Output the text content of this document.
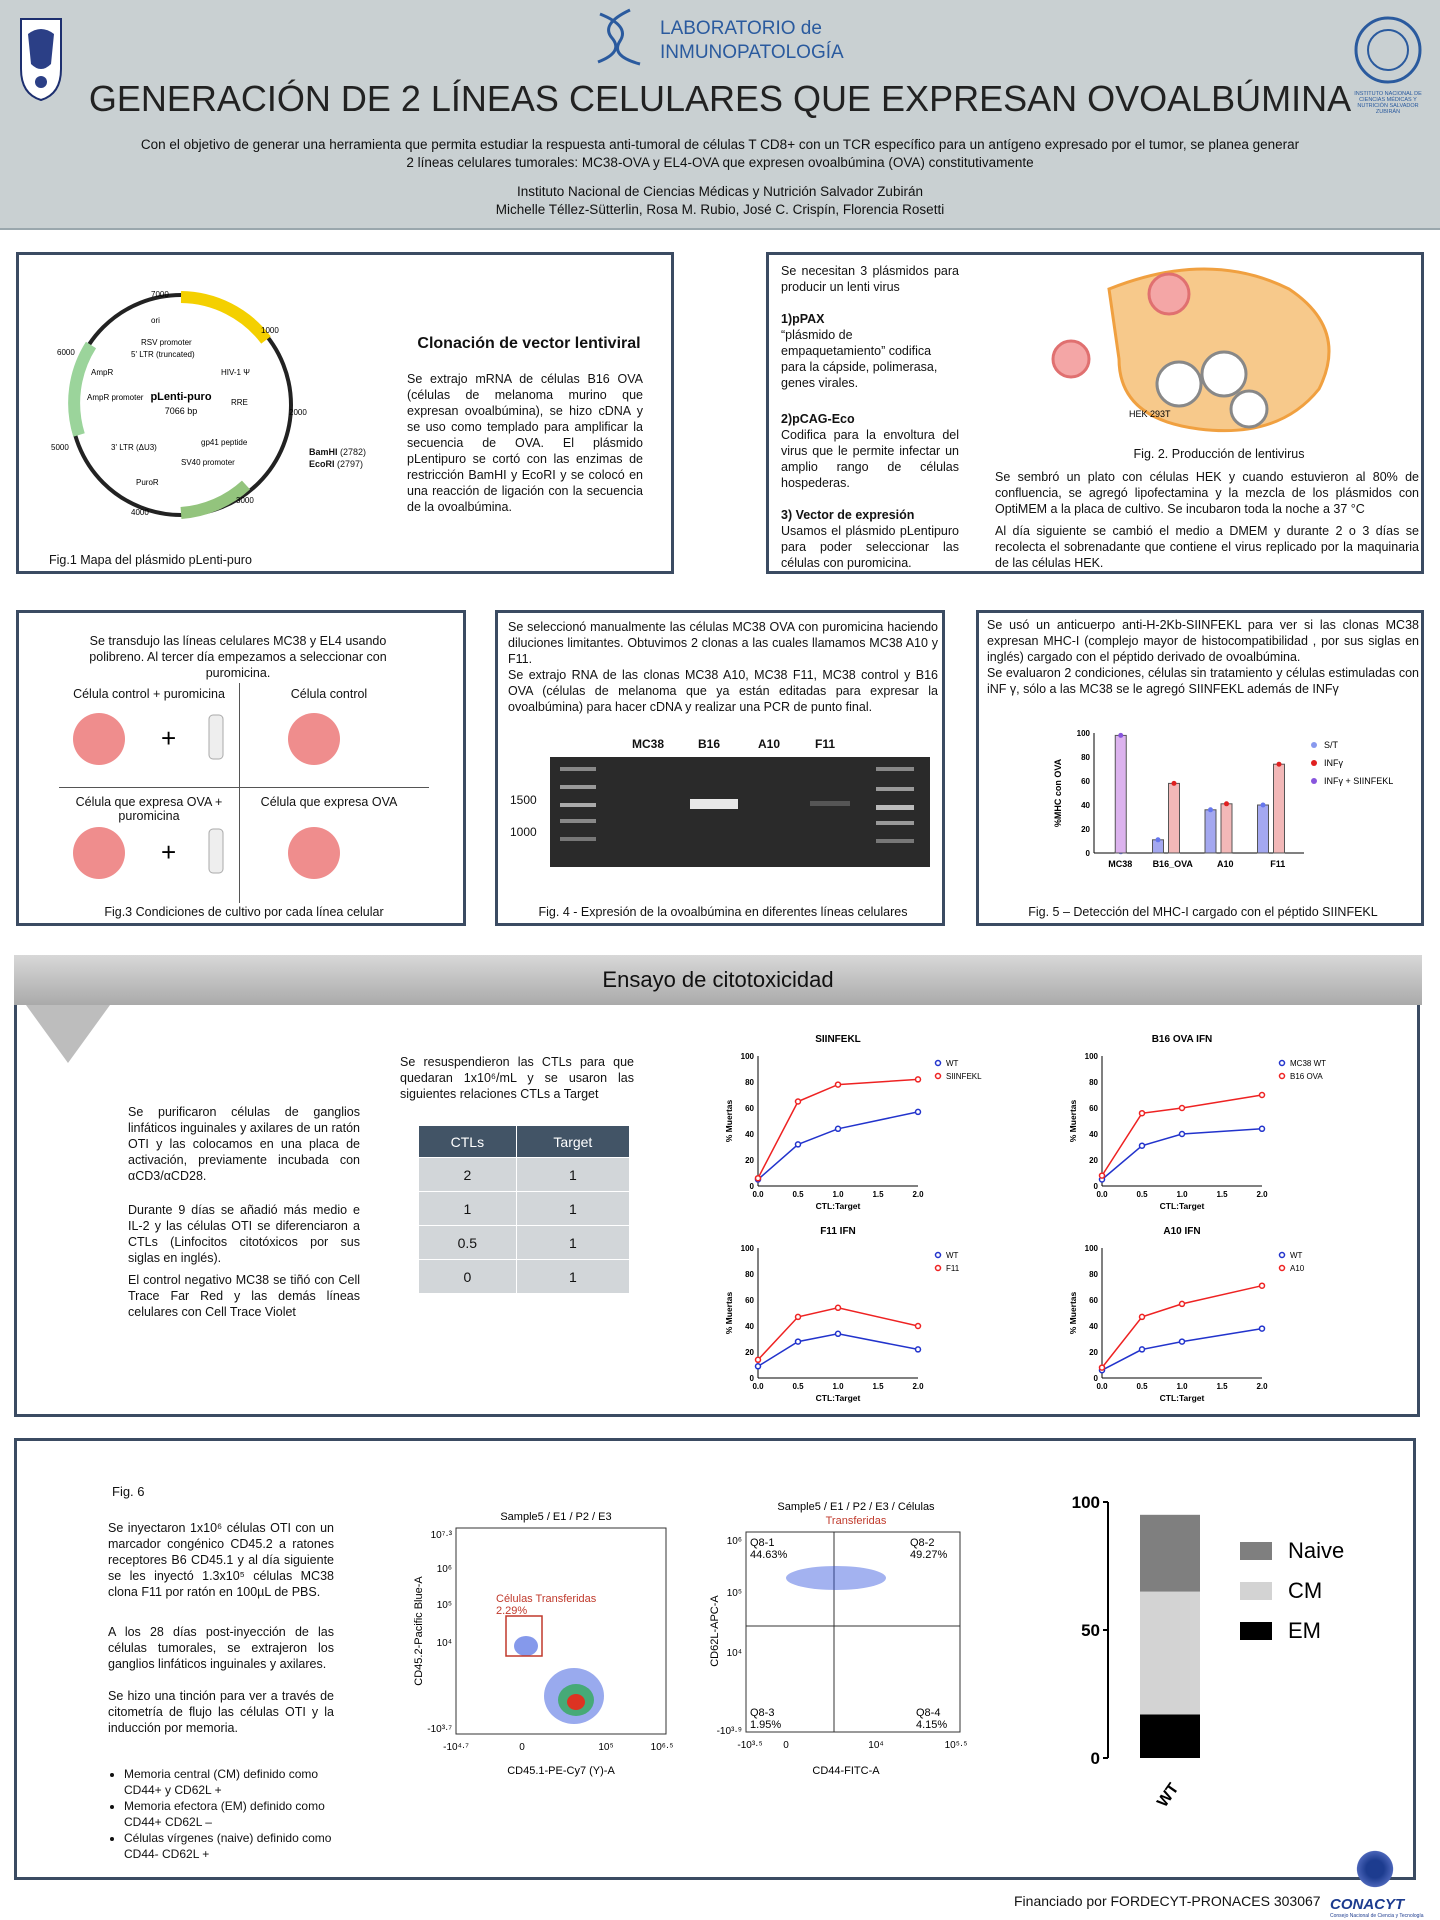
LABORATORIO de
INMUNOPATOLOGÍA
INSTITUTO NACIONAL DE CIENCIAS MÉDICAS Y NUTRICIÓN SALVADOR ZUBIRÁN
GENERACIÓN DE 2 LÍNEAS CELULARES QUE EXPRESAN OVOALBÚMINA
Con el objetivo de generar una herramienta que permita estudiar la respuesta anti-tumoral de células T CD8+ con un TCR específico para un antígeno expresado por el tumor, se planea generar 2 líneas celulares tumorales: MC38-OVA y EL4-OVA que expresen ovoalbúmina (OVA) constitutivamente
Instituto Nacional de Ciencias Médicas y Nutrición Salvador Zubirán
Michelle Téllez-Sütterlin, Rosa M. Rubio, José C. Crispín, Florencia Rosetti
pLenti-puro
7066 bp
ori
RSV promoter
5' LTR (truncated)
HIV-1 Ψ
RRE
AmpR
AmpR promoter
3' LTR (ΔU3)
SV40 promoter
PuroR
gp41 peptide
1000
2000
3000
4000
5000
6000
7000
BamHI (2782)
EcoRI (2797)
Clonación de vector lentiviral
Se extrajo mRNA de células B16 OVA (células de melanoma murino que expresan ovoalbúmina), se hizo cDNA y se uso como templado para amplificar la secuencia de OVA. El plásmido pLentipuro se cortó con las enzimas de restricción BamHI y EcoRI y se colocó en una reacción de ligación con la secuencia de la ovoalbúmina.
Fig.1 Mapa del plásmido pLenti-puro
Se necesitan 3 plásmidos para producir un lenti virus
1)pPAX
“plásmido de empaquetamiento” codifica para la cápside, polimerasa, genes virales.
2)pCAG-Eco
Codifica para la envoltura del virus que le permite infectar un amplio rango de células hospederas.
3) Vector de expresión
Usamos el plásmido pLentipuro para poder seleccionar las células con puromicina.
HEK 293T
Fig. 2. Producción de lentivirus
Se sembró un plato con células HEK y cuando estuvieron al 80% de confluencia, se agregó lipofectamina y la mezcla de los plásmidos con OptiMEM a la placa de cultivo. Se incubaron toda la noche a 37 °C
Al día siguiente se cambió el medio a DMEM y durante 2 o 3 días se recolecta el sobrenadante que contiene el virus replicado por la maquinaria de las células HEK.
Se transdujo las líneas celulares MC38 y EL4 usando polibreno. Al tercer día empezamos a seleccionar con puromicina.
Célula control + puromicina	Célula control
Célula que expresa OVA + puromicina
Célula que expresa OVA
+
+
Fig.3 Condiciones de cultivo por cada línea celular
Se seleccionó manualmente las células MC38 OVA con puromicina haciendo diluciones limitantes. Obtuvimos 2 clonas a las cuales llamamos MC38 A10 y F11.
Se extrajo RNA de las clonas MC38 A10, MC38 F11, MC38 control y B16 OVA (células de melanoma que ya están editadas para expresar la ovoalbúmina) para hacer cDNA y realizar una PCR de punto final.
MC38	B16	A10	F11
1500
1000
Fig. 4 - Expresión de la ovoalbúmina en diferentes líneas celulares
Se usó un anticuerpo anti-H-2Kb-SIINFEKL para ver si las clonas MC38 expresan MHC-I (complejo mayor de histocompatibilidad , por sus siglas en inglés) cargado con el péptido derivado de ovoalbúmina.
Se evaluaron 2 condiciones, células sin tratamiento y células estimuladas con iNF γ, sólo a las MC38 se le agregó SIINFEKL además de INFγ
0
20
40
60
80
100
%MHC con OVA
MC38 B16_OVA	A10	F11
S/T
INFγ
INFγ + SIINFEKL
Fig. 5 – Detección del MHC-I cargado con el péptido SIINFEKL
Ensayo de citotoxicidad
Se purificaron células de ganglios linfáticos inguinales y axilares de un ratón OTI y las colocamos en una placa de activación, previamente incubada con αCD3/αCD28.
Durante 9 días se añadió más medio e IL-2 y las células OTI se diferenciaron a CTLs (Linfocitos citotóxicos por sus siglas en inglés).
El control negativo MC38 se tiñó con Cell Trace Far Red y las demás líneas celulares con Cell Trace Violet
Se resuspendieron las CTLs para que quedaran 1x10⁶/mL y se usaron las siguientes relaciones CTLs a Target
CTLs	Target
2	1
1	1
0.5	1
0	1
SIINFEKL
0
20
40
60
80
100
0.0	0.5	1.0	1.5	2.0
CTL:Target
% Muertas
WT
SIINFEKL
B16 OVA IFN
0
20
40
60
80
100
0.0	0.5	1.0	1.5	2.0
CTL:Target
% Muertas
MC38 WT
B16 OVA
F11 IFN
0
20
40
60
80
100
0.0	0.5	1.0	1.5	2.0
CTL:Target
% Muertas
WT
F11
A10 IFN
0
20
40
60
80
100
0.0	0.5	1.0	1.5	2.0
CTL:Target
% Muertas
WT
A10
Fig. 6
Se inyectaron 1x10⁶ células OTI con un marcador congénico CD45.2 a ratones receptores B6 CD45.1 y al día siguiente se les inyectó 1.3x10⁵ células MC38 clona F11 por ratón en 100µL de PBS.
A los 28 días post-inyección de las células tumorales, se extrajeron los ganglios linfáticos inguinales y axilares.
Se hizo una tinción para ver a través de citometría de flujo las células OTI y la inducción por memoria.
• Memoria central (CM) definido como CD44+ y CD62L +
• Memoria efectora (EM) definido como CD44+ CD62L –
• Células vírgenes (naive) definido como CD44- CD62L +
Sample5 / E1 / P2 / E3
Células Transferidas
2.29%
CD45.1-PE-Cy7 (Y)-A
CD45.2-Pacific Blue-A
-10⁴·⁷	0	10⁵	10⁶·⁵
10⁷·³
10⁶
10⁵
10⁴
-10³·⁷
Sample5 / E1 / P2 / E3 / Células
Transferidas
Q8-1
44.63%
Q8-2
49.27%
Q8-3
1.95%
Q8-4
4.15%
CD44-FITC-A
CD62L-APC-A
-10³·⁵ 0	10⁴	10⁵·⁵
10⁶
10⁵
10⁴
-10³·⁹
0
50
100
WT
Naive
CM
EM
Financiado por FORDECYT-PRONACES 303067 CONACYT
Consejo Nacional de Ciencia y Tecnología
